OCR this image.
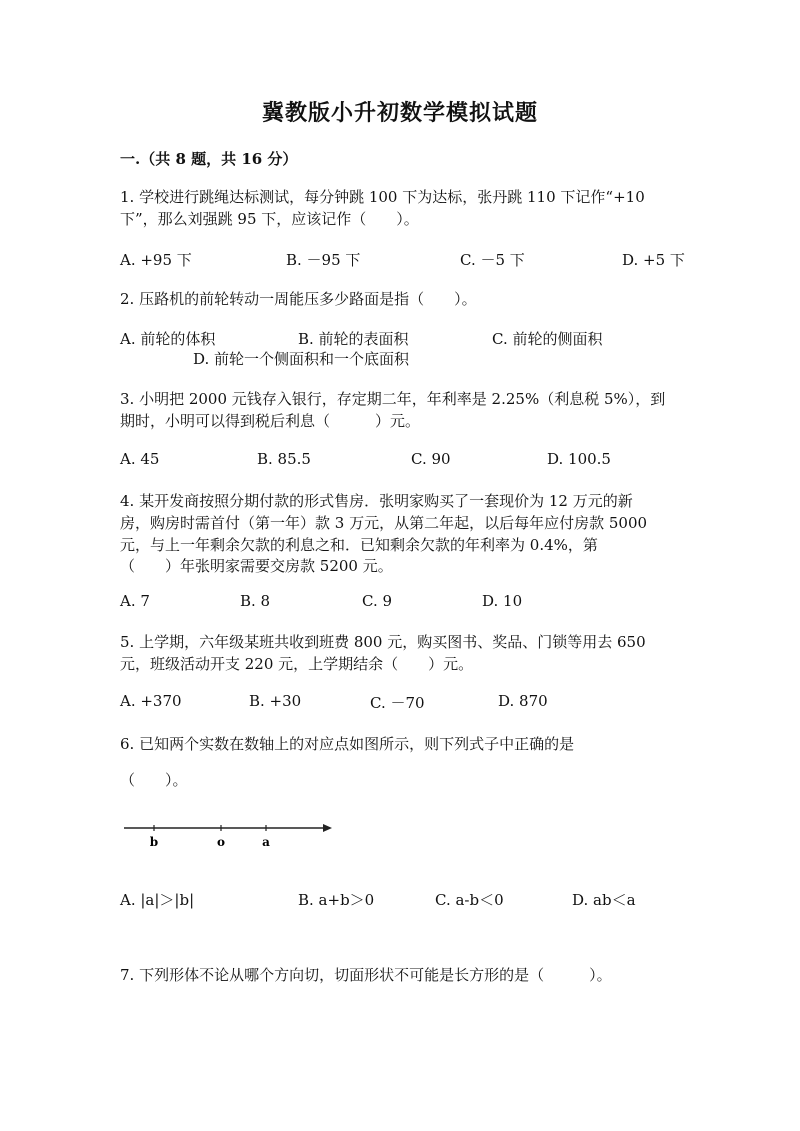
冀教版小升初数学模拟试题
一.（共 8 题，共 16 分）
1. 学校进行跳绳达标测试，每分钟跳 100 下为达标，张丹跳 110 下记作“+10
下”，那么刘强跳 95 下，应该记作（　　）。
A. +95 下	B. －95 下	C. －5 下	D. +5 下
2. 压路机的前轮转动一周能压多少路面是指（　　）。
A. 前轮的体积	B. 前轮的表面积	C. 前轮的侧面积
D. 前轮一个侧面积和一个底面积
3. 小明把 2000 元钱存入银行，存定期二年，年利率是 2.25%（利息税 5%），到
期时，小明可以得到税后利息（　　　）元。
A. 45	B. 85.5	C. 90	D. 100.5
4. 某开发商按照分期付款的形式售房．张明家购买了一套现价为 12 万元的新
房，购房时需首付（第一年）款 3 万元，从第二年起，以后每年应付房款 5000
元，与上一年剩余欠款的利息之和．已知剩余欠款的年利率为 0.4%，第
（　　）年张明家需要交房款 5200 元。
A. 7	B. 8	C. 9	D. 10
5. 上学期，六年级某班共收到班费 800 元，购买图书、奖品、门锁等用去 650
元，班级活动开支 220 元，上学期结余（　　）元。
A. +370	B. +30	C. －70	D. 870
6. 已知两个实数在数轴上的对应点如图所示，则下列式子中正确的是
（　　）。
b	o	a
A. |a|＞|b|	B. a+b＞0	C. a-b＜0	D. ab＜a
7. 下列形体不论从哪个方向切，切面形状不可能是长方形的是（　　　）。
